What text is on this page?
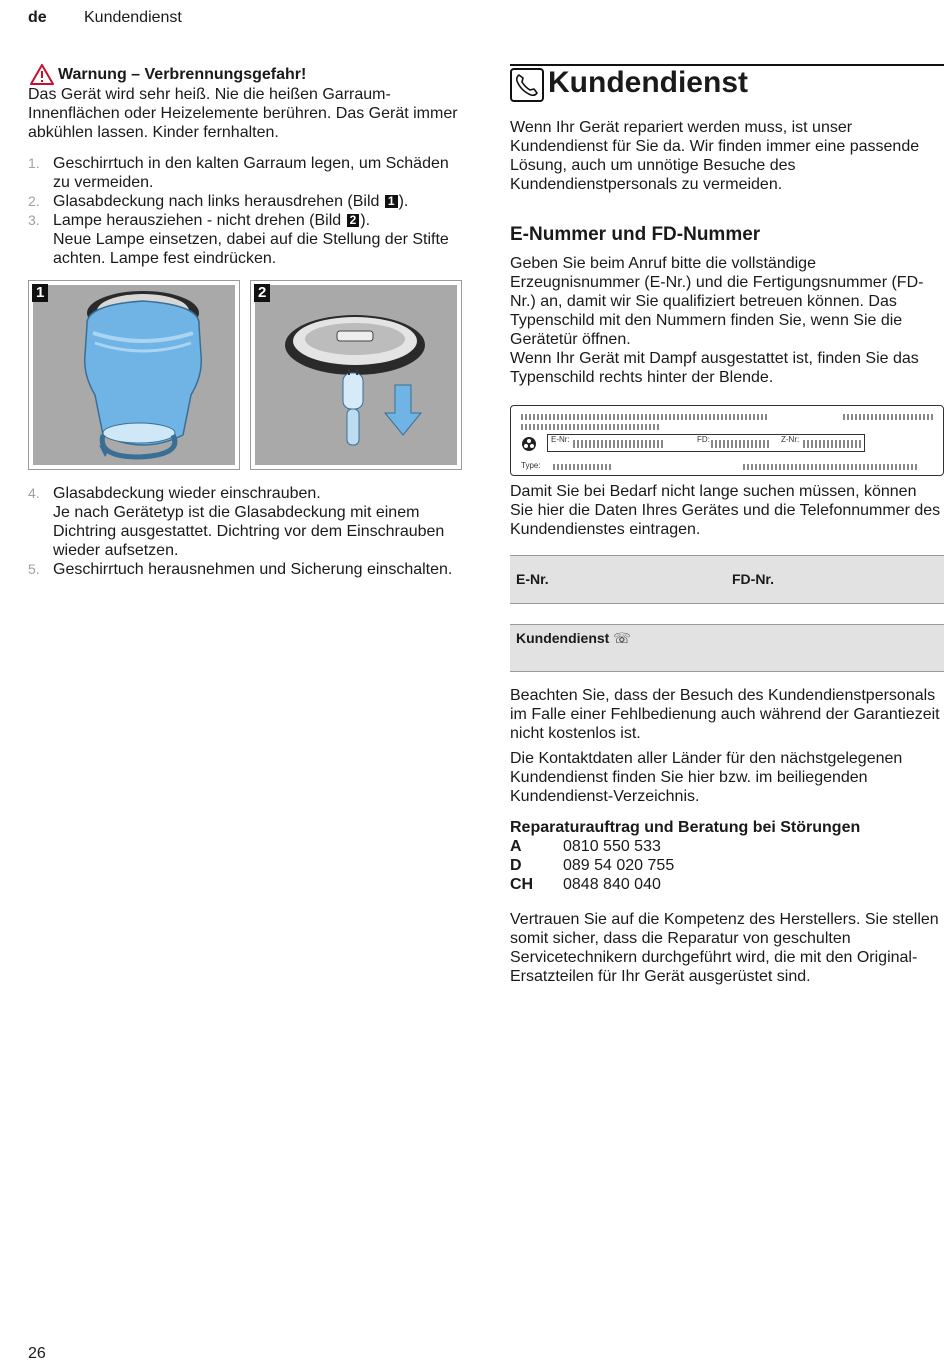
de Kundendienst
Warnung – Verbrennungsgefahr!
Das Gerät wird sehr heiß. Nie die heißen Garraum-Innenflächen oder Heizelemente berühren. Das Gerät immer abkühlen lassen. Kinder fernhalten.
1. Geschirrtuch in den kalten Garraum legen, um Schäden zu vermeiden.
2. Glasabdeckung nach links herausdrehen (Bild 1 ).
3. Lampe herausziehen - nicht drehen (Bild 2 ).
Neue Lampe einsetzen, dabei auf die Stellung der Stifte achten. Lampe fest eindrücken.
1	2
4. Glasabdeckung wieder einschrauben.
Je nach Gerätetyp ist die Glasabdeckung mit einem Dichtring ausgestattet. Dichtring vor dem Einschrauben wieder aufsetzen.
5. Geschirrtuch herausnehmen und Sicherung einschalten.
Kundendienst

Wenn Ihr Gerät repariert werden muss, ist unser Kundendienst für Sie da. Wir finden immer eine passende Lösung, auch um unnötige Besuche des Kundendienstpersonals zu vermeiden.

E-Nummer und FD-Nummer

Geben Sie beim Anruf bitte die vollständige Erzeugnisnummer (E-Nr.) und die Fertigungsnummer (FD-Nr.) an, damit wir Sie qualifiziert betreuen können. Das Typenschild mit den Nummern finden Sie, wenn Sie die Gerätetür öffnen.

Wenn Ihr Gerät mit Dampf ausgestattet ist, finden Sie das Typenschild rechts hinter der Blende.

E-Nr:	FD:	Z-Nr:
Type:

Damit Sie bei Bedarf nicht lange suchen müssen, können Sie hier die Daten Ihres Gerätes und die Telefonnummer des Kundendienstes eintragen.

E-Nr.	FD-Nr.
Kundendienst ☏

Beachten Sie, dass der Besuch des Kundendienstpersonals im Falle einer Fehlbedienung auch während der Garantiezeit nicht kostenlos ist.

Die Kontaktdaten aller Länder für den nächstgelegenen Kundendienst finden Sie hier bzw. im beiliegenden Kundendienst-Verzeichnis.

Reparaturauftrag und Beratung bei Störungen
A	0810 550 533
D	089 54 020 755
CH	0848 840 040

Vertrauen Sie auf die Kompetenz des Herstellers. Sie stellen somit sicher, dass die Reparatur von geschulten Servicetechnikern durchgeführt wird, die mit den Original-Ersatzteilen für Ihr Gerät ausgerüstet sind.

26
